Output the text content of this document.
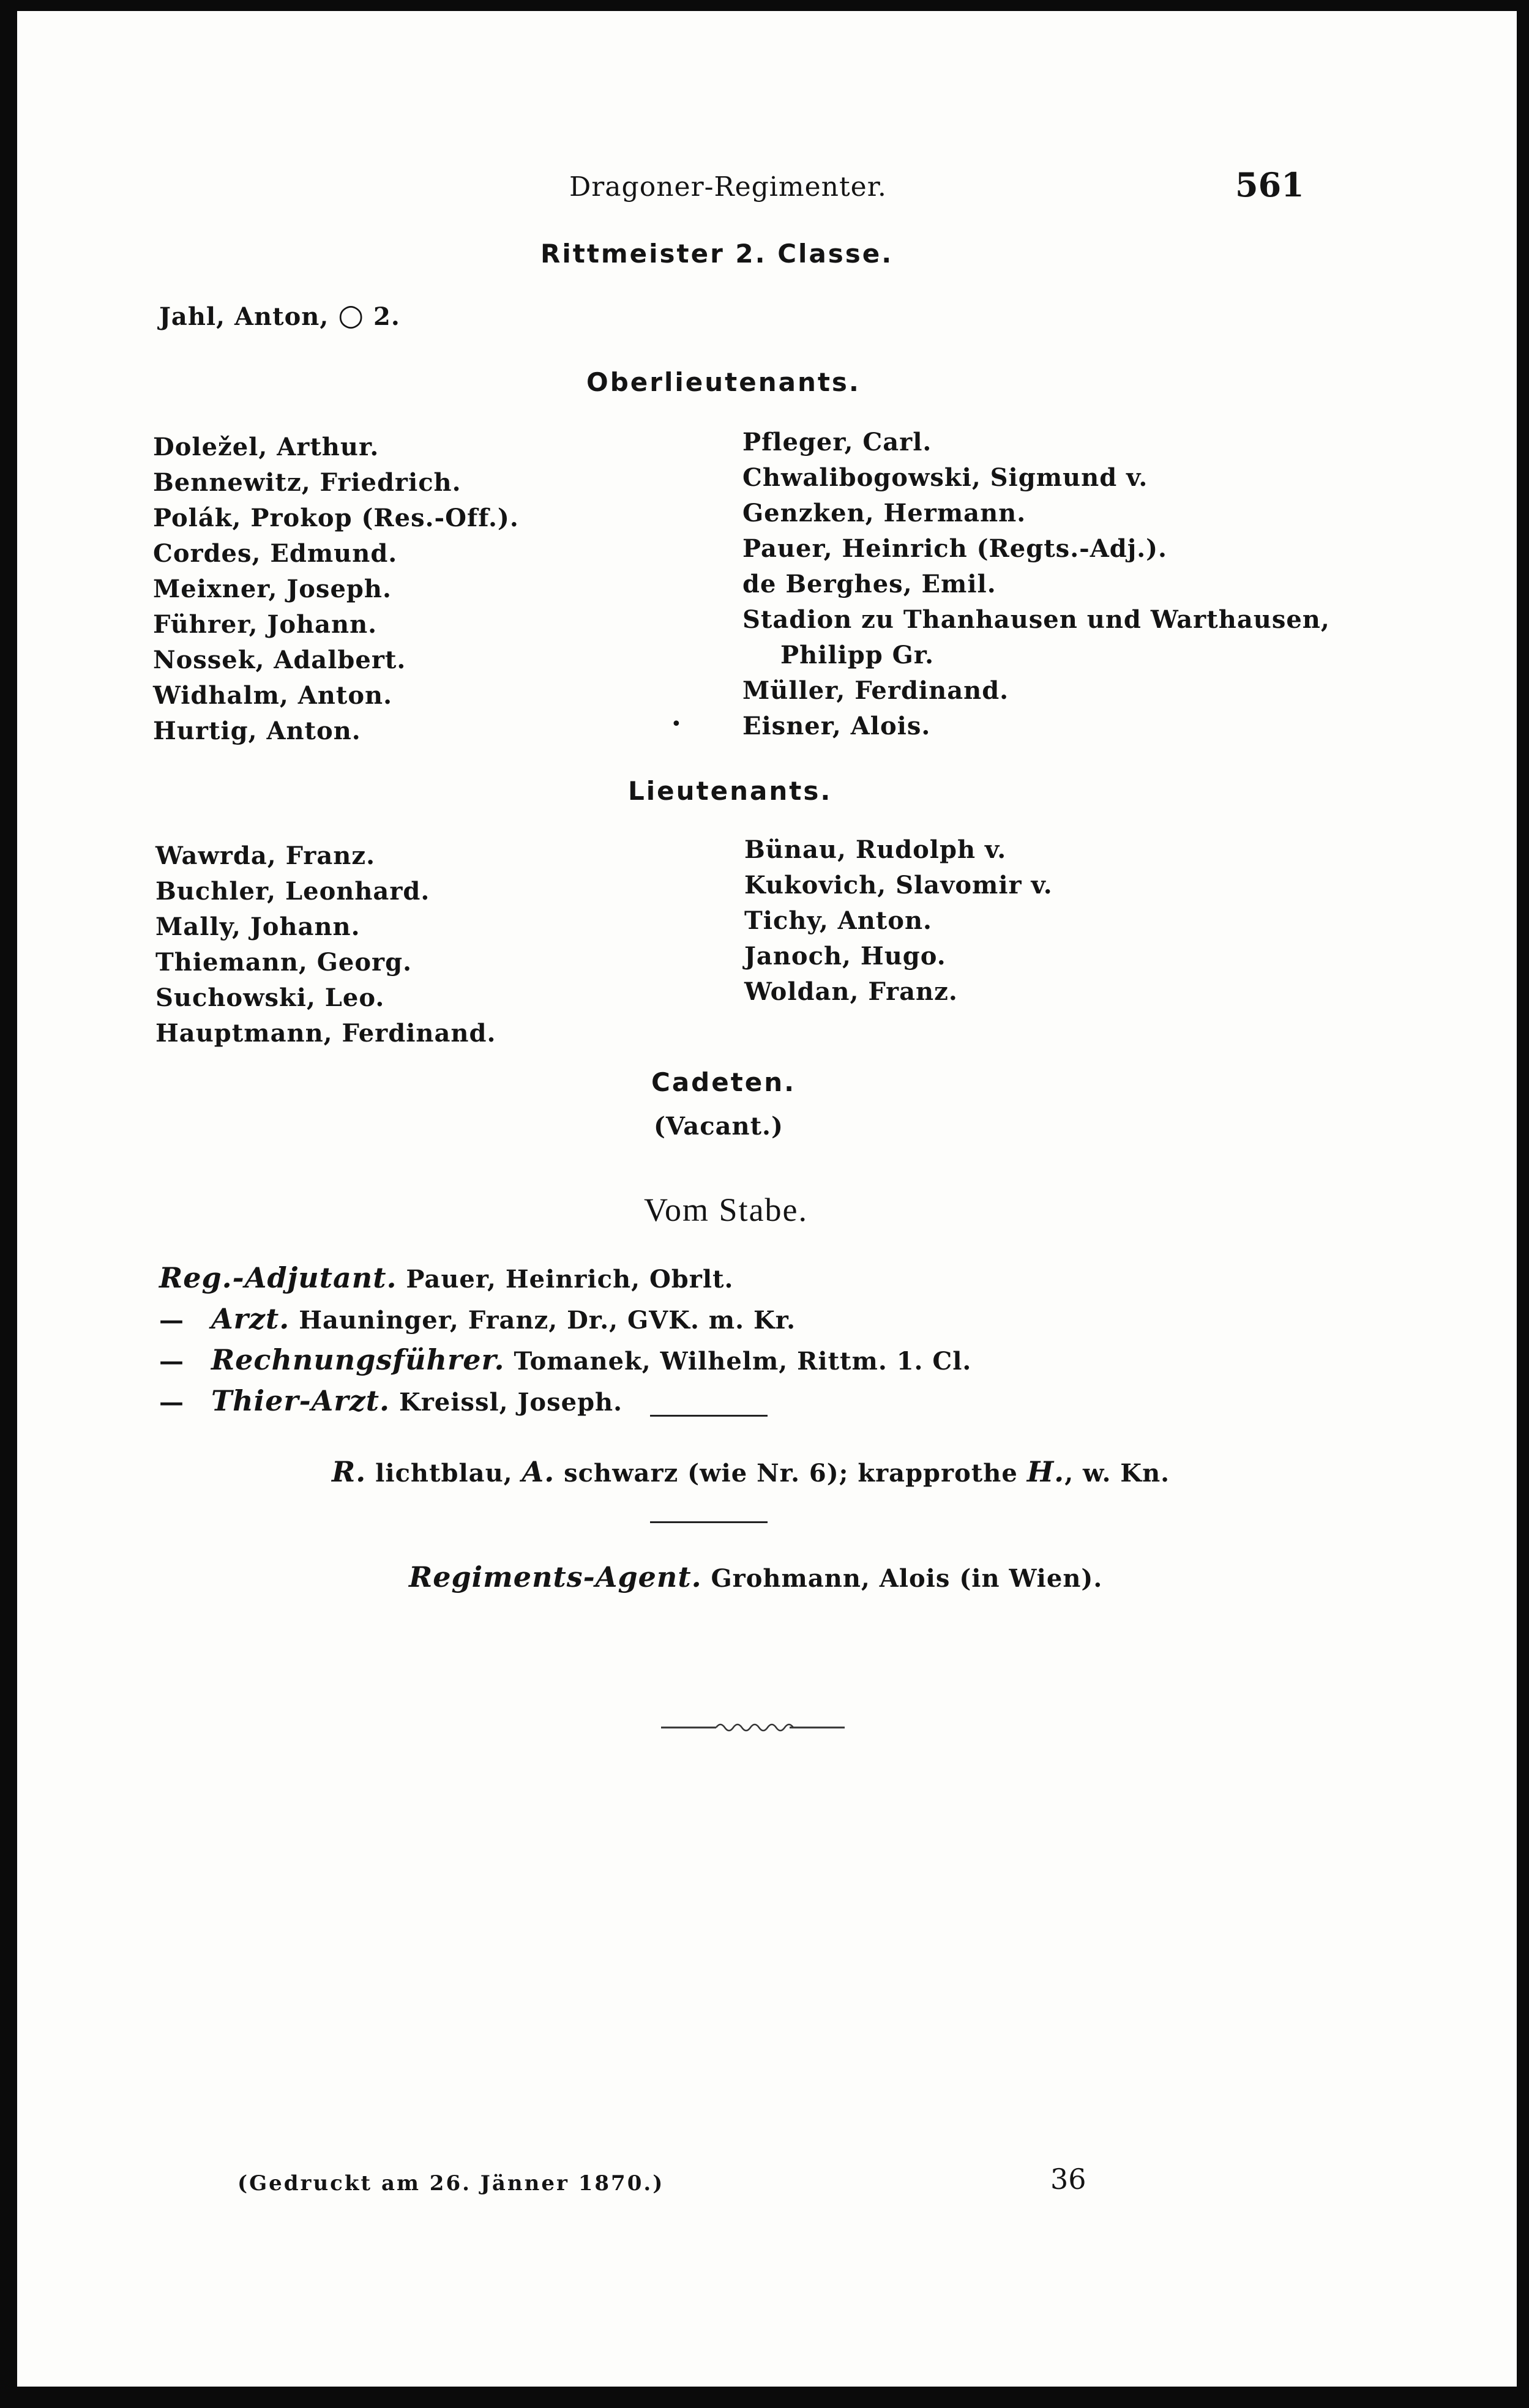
Dragoner-Regimenter.	561
Rittmeister 2. Classe.
Jahl, Anton, ○ 2.
Oberlieutenants.
Doležel, Arthur.
Bennewitz, Friedrich.
Polák, Prokop (Res.-Off.).
Cordes, Edmund.
Meixner, Joseph.
Führer, Johann.
Nossek, Adalbert.
Widhalm, Anton.
Hurtig, Anton.
Pfleger, Carl.
Chwalibogowski, Sigmund v.
Genzken, Hermann.
Pauer, Heinrich (Regts.-Adj.).
de Berghes, Emil.
Stadion zu Thanhausen und Warthausen,
Philipp Gr.
Müller, Ferdinand.
Eisner, Alois.
•
Lieutenants.
Wawrda, Franz.
Buchler, Leonhard.
Mally, Johann.
Thiemann, Georg.
Suchowski, Leo.
Hauptmann, Ferdinand.
Bünau, Rudolph v.
Kukovich, Slavomir v.
Tichy, Anton.
Janoch, Hugo.
Woldan, Franz.
Cadeten.
(Vacant.)
Vom Stabe.
Reg.-Adjutant. Pauer, Heinrich, Obrlt.
— Arzt. Hauninger, Franz, Dr., GVK. m. Kr.
— Rechnungsführer. Tomanek, Wilhelm, Rittm. 1. Cl.
— Thier-Arzt. Kreissl, Joseph.
R. lichtblau, A. schwarz (wie Nr. 6); krapprothe H., w. Kn.
Regiments-Agent. Grohmann, Alois (in Wien).
(Gedruckt am 26. Jänner 1870.)	36
